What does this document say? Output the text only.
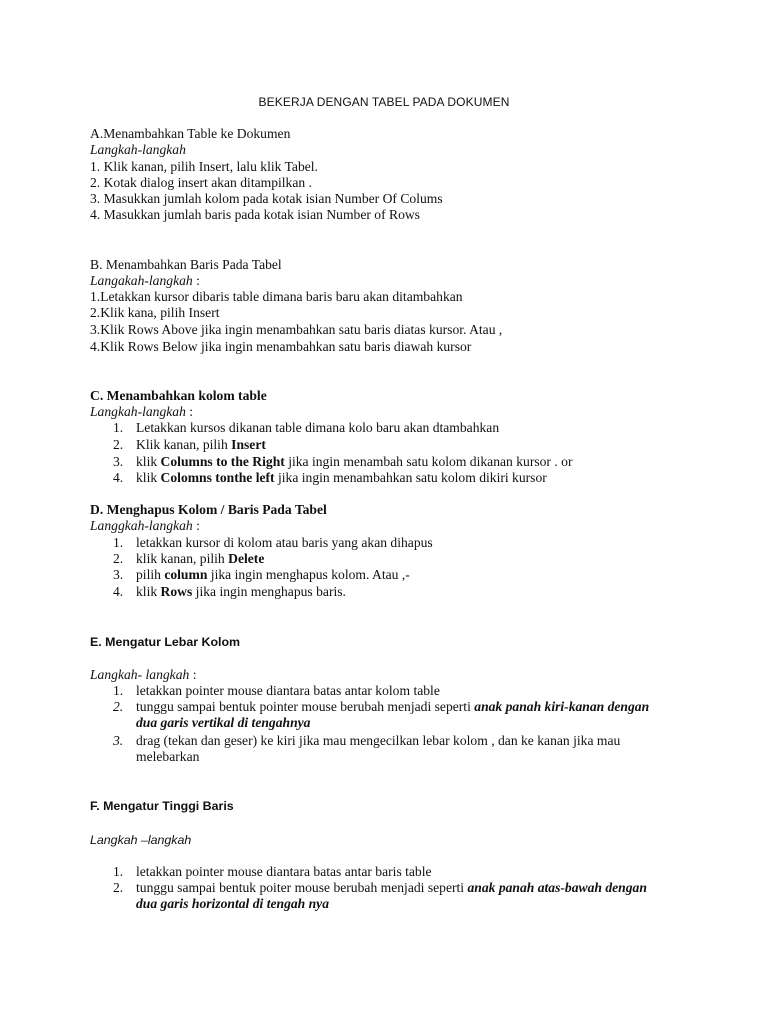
BEKERJA DENGAN TABEL PADA DOKUMEN
A.Menambahkan Table ke Dokumen
Langkah-langkah
1. Klik kanan, pilih Insert, lalu klik Tabel.
2. Kotak dialog insert akan ditampilkan .
3. Masukkan jumlah kolom pada kotak isian Number Of Colums
4. Masukkan jumlah baris pada kotak isian Number of Rows
B. Menambahkan Baris Pada Tabel
Langakah-langkah :
1.Letakkan kursor dibaris table dimana baris baru akan ditambahkan
2.Klik kana, pilih Insert
3.Klik Rows Above jika ingin menambahkan satu baris diatas kursor. Atau ,
4.Klik Rows Below jika ingin menambahkan satu baris diawah kursor
C. Menambahkan kolom table
Langkah-langkah :
1. Letakkan kursos dikanan table dimana kolo baru akan dtambahkan
2. Klik kanan, pilih Insert
3. klik Columns to the Right jika ingin menambah satu kolom dikanan kursor . or
4. klik Colomns tonthe left jika ingin menambahkan satu kolom dikiri kursor
D. Menghapus Kolom / Baris Pada Tabel
Langgkah-langkah :
1. letakkan kursor di kolom atau baris yang akan dihapus
2. klik kanan, pilih Delete
3. pilih column jika ingin menghapus kolom. Atau ,-
4. klik Rows jika ingin menghapus baris.
E. Mengatur Lebar Kolom
Langkah- langkah :
1. letakkan pointer mouse diantara batas antar kolom table
2. tunggu sampai bentuk pointer mouse berubah menjadi seperti anak panah kiri-kanan dengan
dua garis vertikal di tengahnya
3. drag (tekan dan geser) ke kiri jika mau mengecilkan lebar kolom , dan ke kanan jika mau
melebarkan
F. Mengatur Tinggi Baris
Langkah –langkah
1. letakkan pointer mouse diantara batas antar baris table
2. tunggu sampai bentuk poiter mouse berubah menjadi seperti anak panah atas-bawah dengan
dua garis horizontal di tengah nya
